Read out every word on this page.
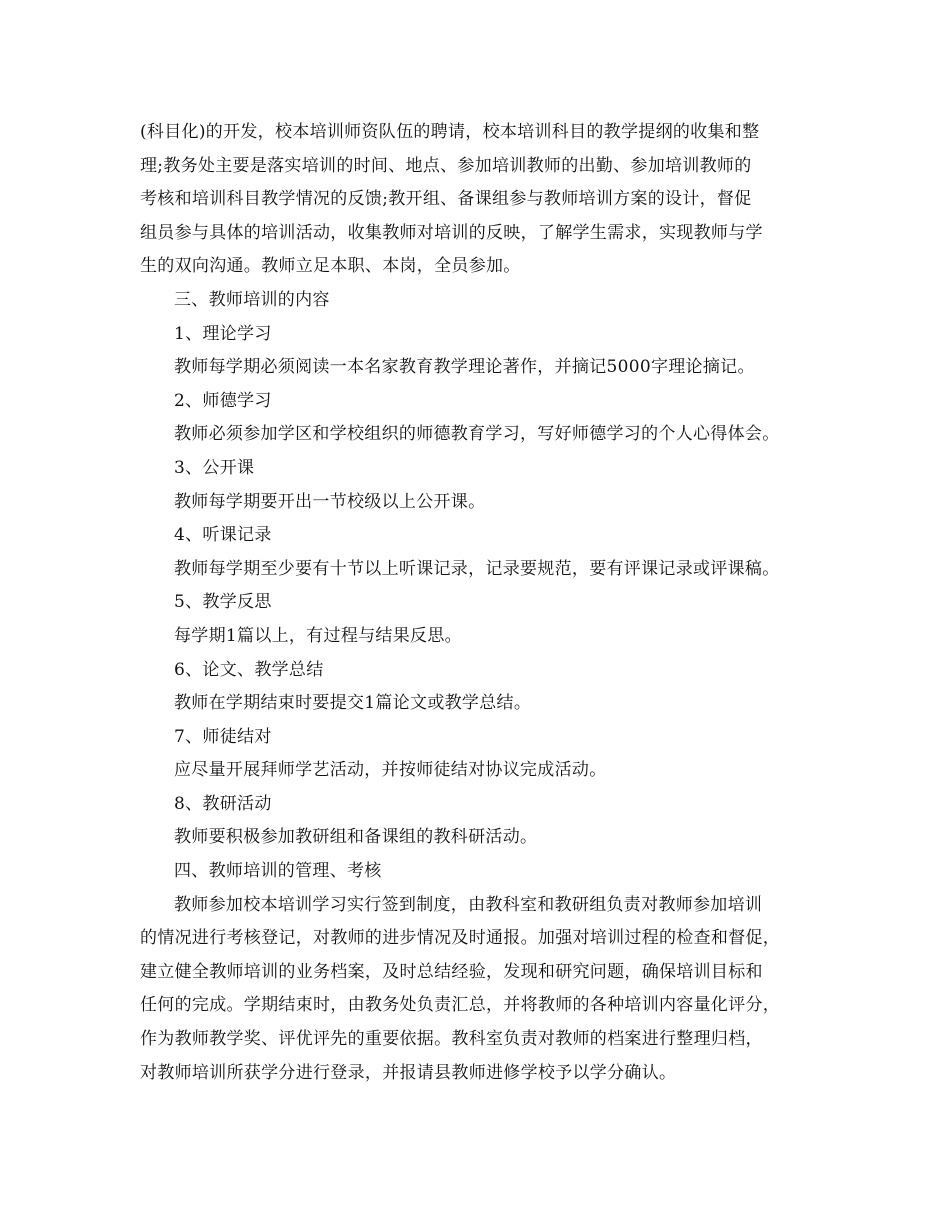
(科目化)的开发，校本培训师资队伍的聘请，校本培训科目的教学提纲的收集和整
理;教务处主要是落实培训的时间、地点、参加培训教师的出勤、参加培训教师的
考核和培训科目教学情况的反馈;教开组、备课组参与教师培训方案的设计，督促
组员参与具体的培训活动，收集教师对培训的反映，了解学生需求，实现教师与学
生的双向沟通。教师立足本职、本岗，全员参加。
三、教师培训的内容
1、理论学习
教师每学期必须阅读一本名家教育教学理论著作，并摘记5000字理论摘记。
2、师德学习
教师必须参加学区和学校组织的师德教育学习，写好师德学习的个人心得体会。
3、公开课
教师每学期要开出一节校级以上公开课。
4、听课记录
教师每学期至少要有十节以上听课记录，记录要规范，要有评课记录或评课稿。
5、教学反思
每学期1篇以上，有过程与结果反思。
6、论文、教学总结
教师在学期结束时要提交1篇论文或教学总结。
7、师徒结对
应尽量开展拜师学艺活动，并按师徒结对协议完成活动。
8、教研活动
教师要积极参加教研组和备课组的教科研活动。
四、教师培训的管理、考核
教师参加校本培训学习实行签到制度，由教科室和教研组负责对教师参加培训
的情况进行考核登记，对教师的进步情况及时通报。加强对培训过程的检查和督促，
建立健全教师培训的业务档案，及时总结经验，发现和研究问题，确保培训目标和
任何的完成。学期结束时，由教务处负责汇总，并将教师的各种培训内容量化评分，
作为教师教学奖、评优评先的重要依据。教科室负责对教师的档案进行整理归档，
对教师培训所获学分进行登录，并报请县教师进修学校予以学分确认。
